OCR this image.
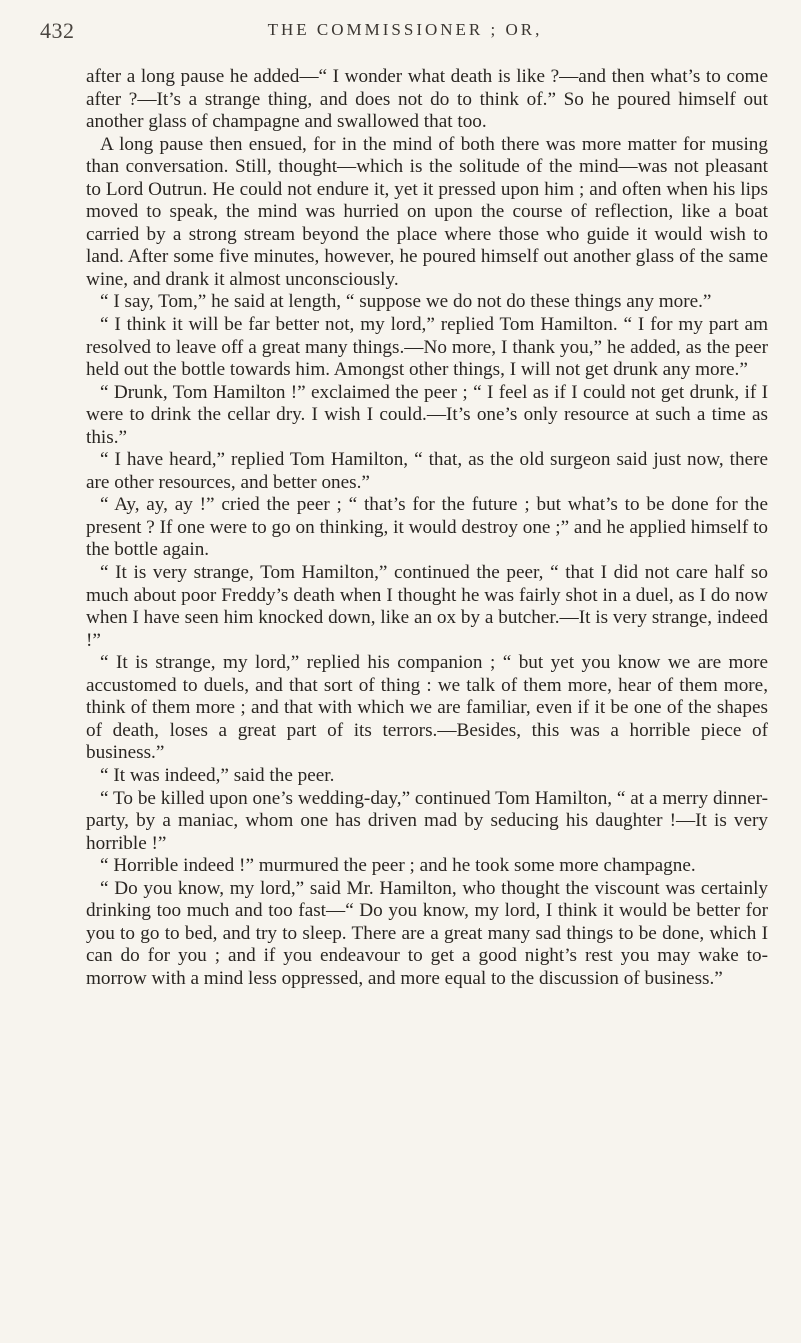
432	THE COMMISSIONER ; OR,

after a long pause he added—“ I wonder what death is like ?—and then what’s to come after ?—It’s a strange thing, and does not do to think of.” So he poured himself out another glass of champagne and swallowed that too.

A long pause then ensued, for in the mind of both there was more matter for musing than conversation. Still, thought—which is the solitude of the mind—was not pleasant to Lord Outrun. He could not endure it, yet it pressed upon him ; and often when his lips moved to speak, the mind was hurried on upon the course of reflection, like a boat carried by a strong stream beyond the place where those who guide it would wish to land. After some five minutes, however, he poured himself out another glass of the same wine, and drank it almost unconsciously.

“ I say, Tom,” he said at length, “ suppose we do not do these things any more.”

“ I think it will be far better not, my lord,” replied Tom Hamilton. “ I for my part am resolved to leave off a great many things.—No more, I thank you,” he added, as the peer held out the bottle towards him. Amongst other things, I will not get drunk any more.”

“ Drunk, Tom Hamilton !” exclaimed the peer ; “ I feel as if I could not get drunk, if I were to drink the cellar dry. I wish I could.—It’s one’s only resource at such a time as this.”

“ I have heard,” replied Tom Hamilton, “ that, as the old surgeon said just now, there are other resources, and better ones.”

“ Ay, ay, ay !” cried the peer ; “ that’s for the future ; but what’s to be done for the present ? If one were to go on thinking, it would destroy one ;” and he applied himself to the bottle again.

“ It is very strange, Tom Hamilton,” continued the peer, “ that I did not care half so much about poor Freddy’s death when I thought he was fairly shot in a duel, as I do now when I have seen him knocked down, like an ox by a butcher.—It is very strange, indeed !”

“ It is strange, my lord,” replied his companion ; “ but yet you know we are more accustomed to duels, and that sort of thing : we talk of them more, hear of them more, think of them more ; and that with which we are familiar, even if it be one of the shapes of death, loses a great part of its terrors.—Besides, this was a horrible piece of business.”

“ It was indeed,” said the peer.

“ To be killed upon one’s wedding-day,” continued Tom Hamilton, “ at a merry dinner-party, by a maniac, whom one has driven mad by seducing his daughter !—It is very horrible !”

“ Horrible indeed !” murmured the peer ; and he took some more champagne.

“ Do you know, my lord,” said Mr. Hamilton, who thought the viscount was certainly drinking too much and too fast—“ Do you know, my lord, I think it would be better for you to go to bed, and try to sleep. There are a great many sad things to be done, which I can do for you ; and if you endeavour to get a good night’s rest you may wake to-morrow with a mind less oppressed, and more equal to the discussion of business.”
